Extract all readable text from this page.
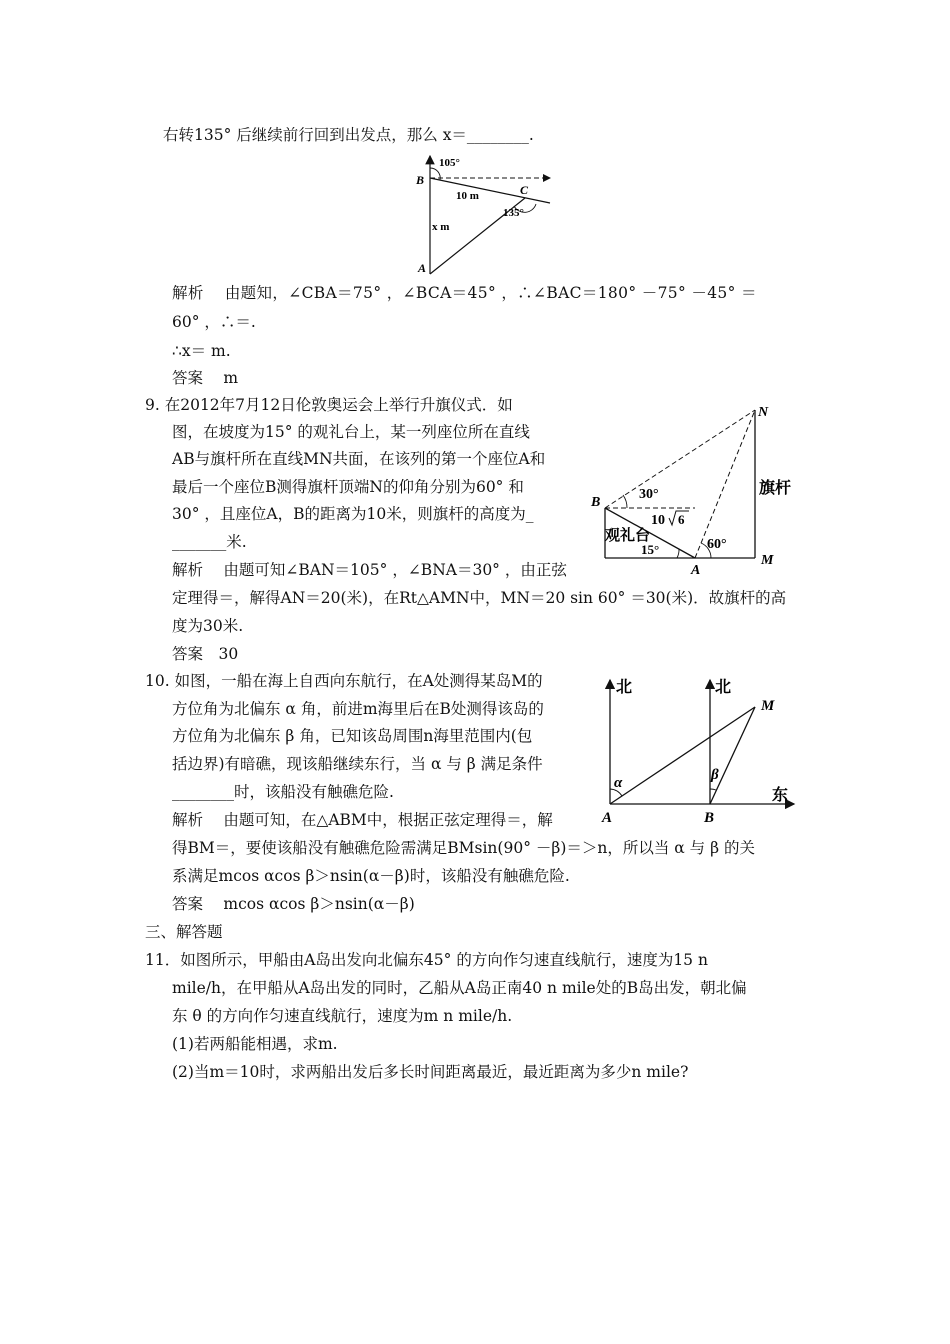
右转135° 后继续前行回到出发点，那么 x＝________.
解析　 由题知，∠CBA＝75° ，∠BCA＝45° ，∴∠BAC＝180° －75° －45° ＝
60° ，∴＝.
∴x＝ m.
答案　 m
9. 在2012年7月12日伦敦奥运会上举行升旗仪式．如
图，在坡度为15° 的观礼台上，某一列座位所在直线
AB与旗杆所在直线MN共面，在该列的第一个座位A和
最后一个座位B测得旗杆顶端N的仰角分别为60° 和
30° ，且座位A，B的距离为10米，则旗杆的高度为_
_______米.
解析　 由题可知∠BAN＝105° ，∠BNA＝30° ，由正弦
定理得＝，解得AN＝20(米)，在Rt△AMN中，MN＝20 sin 60° ＝30(米)．故旗杆的高
度为30米.
答案　30
10. 如图，一船在海上自西向东航行，在A处测得某岛M的
方位角为北偏东 α 角，前进m海里后在B处测得该岛的
方位角为北偏东 β 角，已知该岛周围n海里范围内(包
括边界)有暗礁，现该船继续东行，当 α 与 β 满足条件
________时，该船没有触礁危险.
解析　 由题可知，在△ABM中，根据正弦定理得＝，解
得BM＝，要使该船没有触礁危险需满足BMsin(90° －β)＝＞n，所以当 α 与 β 的关
系满足mcos αcos β＞nsin(α－β)时，该船没有触礁危险.
答案　 mcos αcos β＞nsin(α－β)
三、解答题
11．如图所示，甲船由A岛出发向北偏东45° 的方向作匀速直线航行，速度为15 n
mile/h，在甲船从A岛出发的同时，乙船从A岛正南40 n mile处的B岛出发，朝北偏
东 θ 的方向作匀速直线航行，速度为m n mile/h.
(1)若两船能相遇，求m.
(2)当m＝10时，求两船出发后多长时间距离最近，最近距离为多少n mile?
105°
B
C
10 m
x m
135°
A
N
B
30°	旗杆
10 6
观礼台
15°	60°
M
A
北	北
M
α	β
东
A	B
